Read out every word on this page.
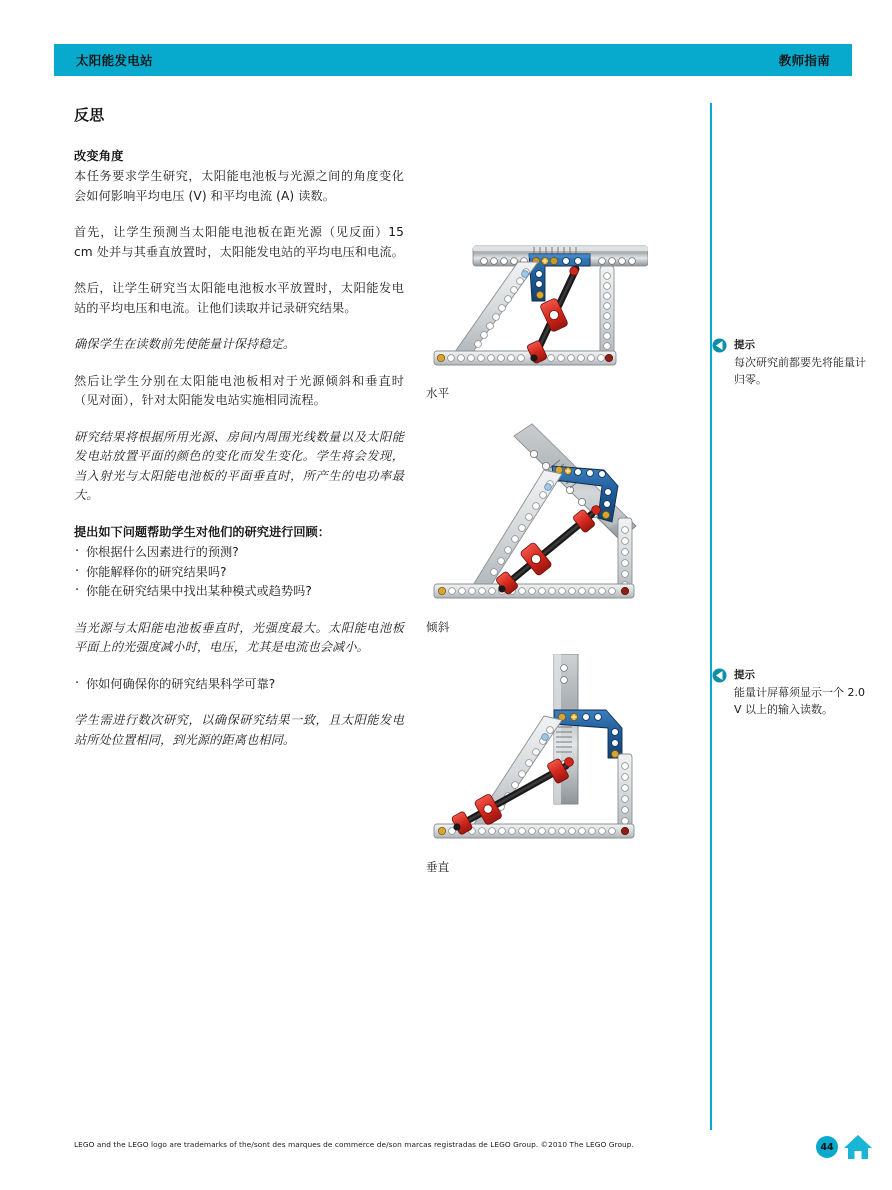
太阳能发电站	教师指南
反思
改变角度

本任务要求学生研究，太阳能电池板与光源之间的角度变化会如何影响平均电压 (V) 和平均电流 (A) 读数。

首先，让学生预测当太阳能电池板在距光源（见反面）15 cm 处并与其垂直放置时，太阳能发电站的平均电压和电流。

然后，让学生研究当太阳能电池板水平放置时，太阳能发电站的平均电压和电流。让他们读取并记录研究结果。

确保学生在读数前先使能量计保持稳定。

然后让学生分别在太阳能电池板相对于光源倾斜和垂直时（见对面），针对太阳能发电站实施相同流程。

研究结果将根据所用光源、房间内周围光线数量以及太阳能发电站放置平面的颜色的变化而发生变化。学生将会发现，当入射光与太阳能电池板的平面垂直时，所产生的电功率最大。

提出如下问题帮助学生对他们的研究进行回顾：
· 你根据什么因素进行的预测?
· 你能解释你的研究结果吗?
· 你能在研究结果中找出某种模式或趋势吗?

当光源与太阳能电池板垂直时，光强度最大。太阳能电池板平面上的光强度减小时，电压，尤其是电流也会减小。

· 你如何确保你的研究结果科学可靠?

学生需进行数次研究，以确保研究结果一致，且太阳能发电站所处位置相同，到光源的距离也相同。

水平
倾斜
垂直
提示
每次研究前都要先将能量计归零。
提示
能量计屏幕须显示一个 2.0 V 以上的输入读数。
LEGO and the LEGO logo are trademarks of the/sont des marques de commerce de/son marcas registradas de LEGO Group. ©2010 The LEGO Group.	44
